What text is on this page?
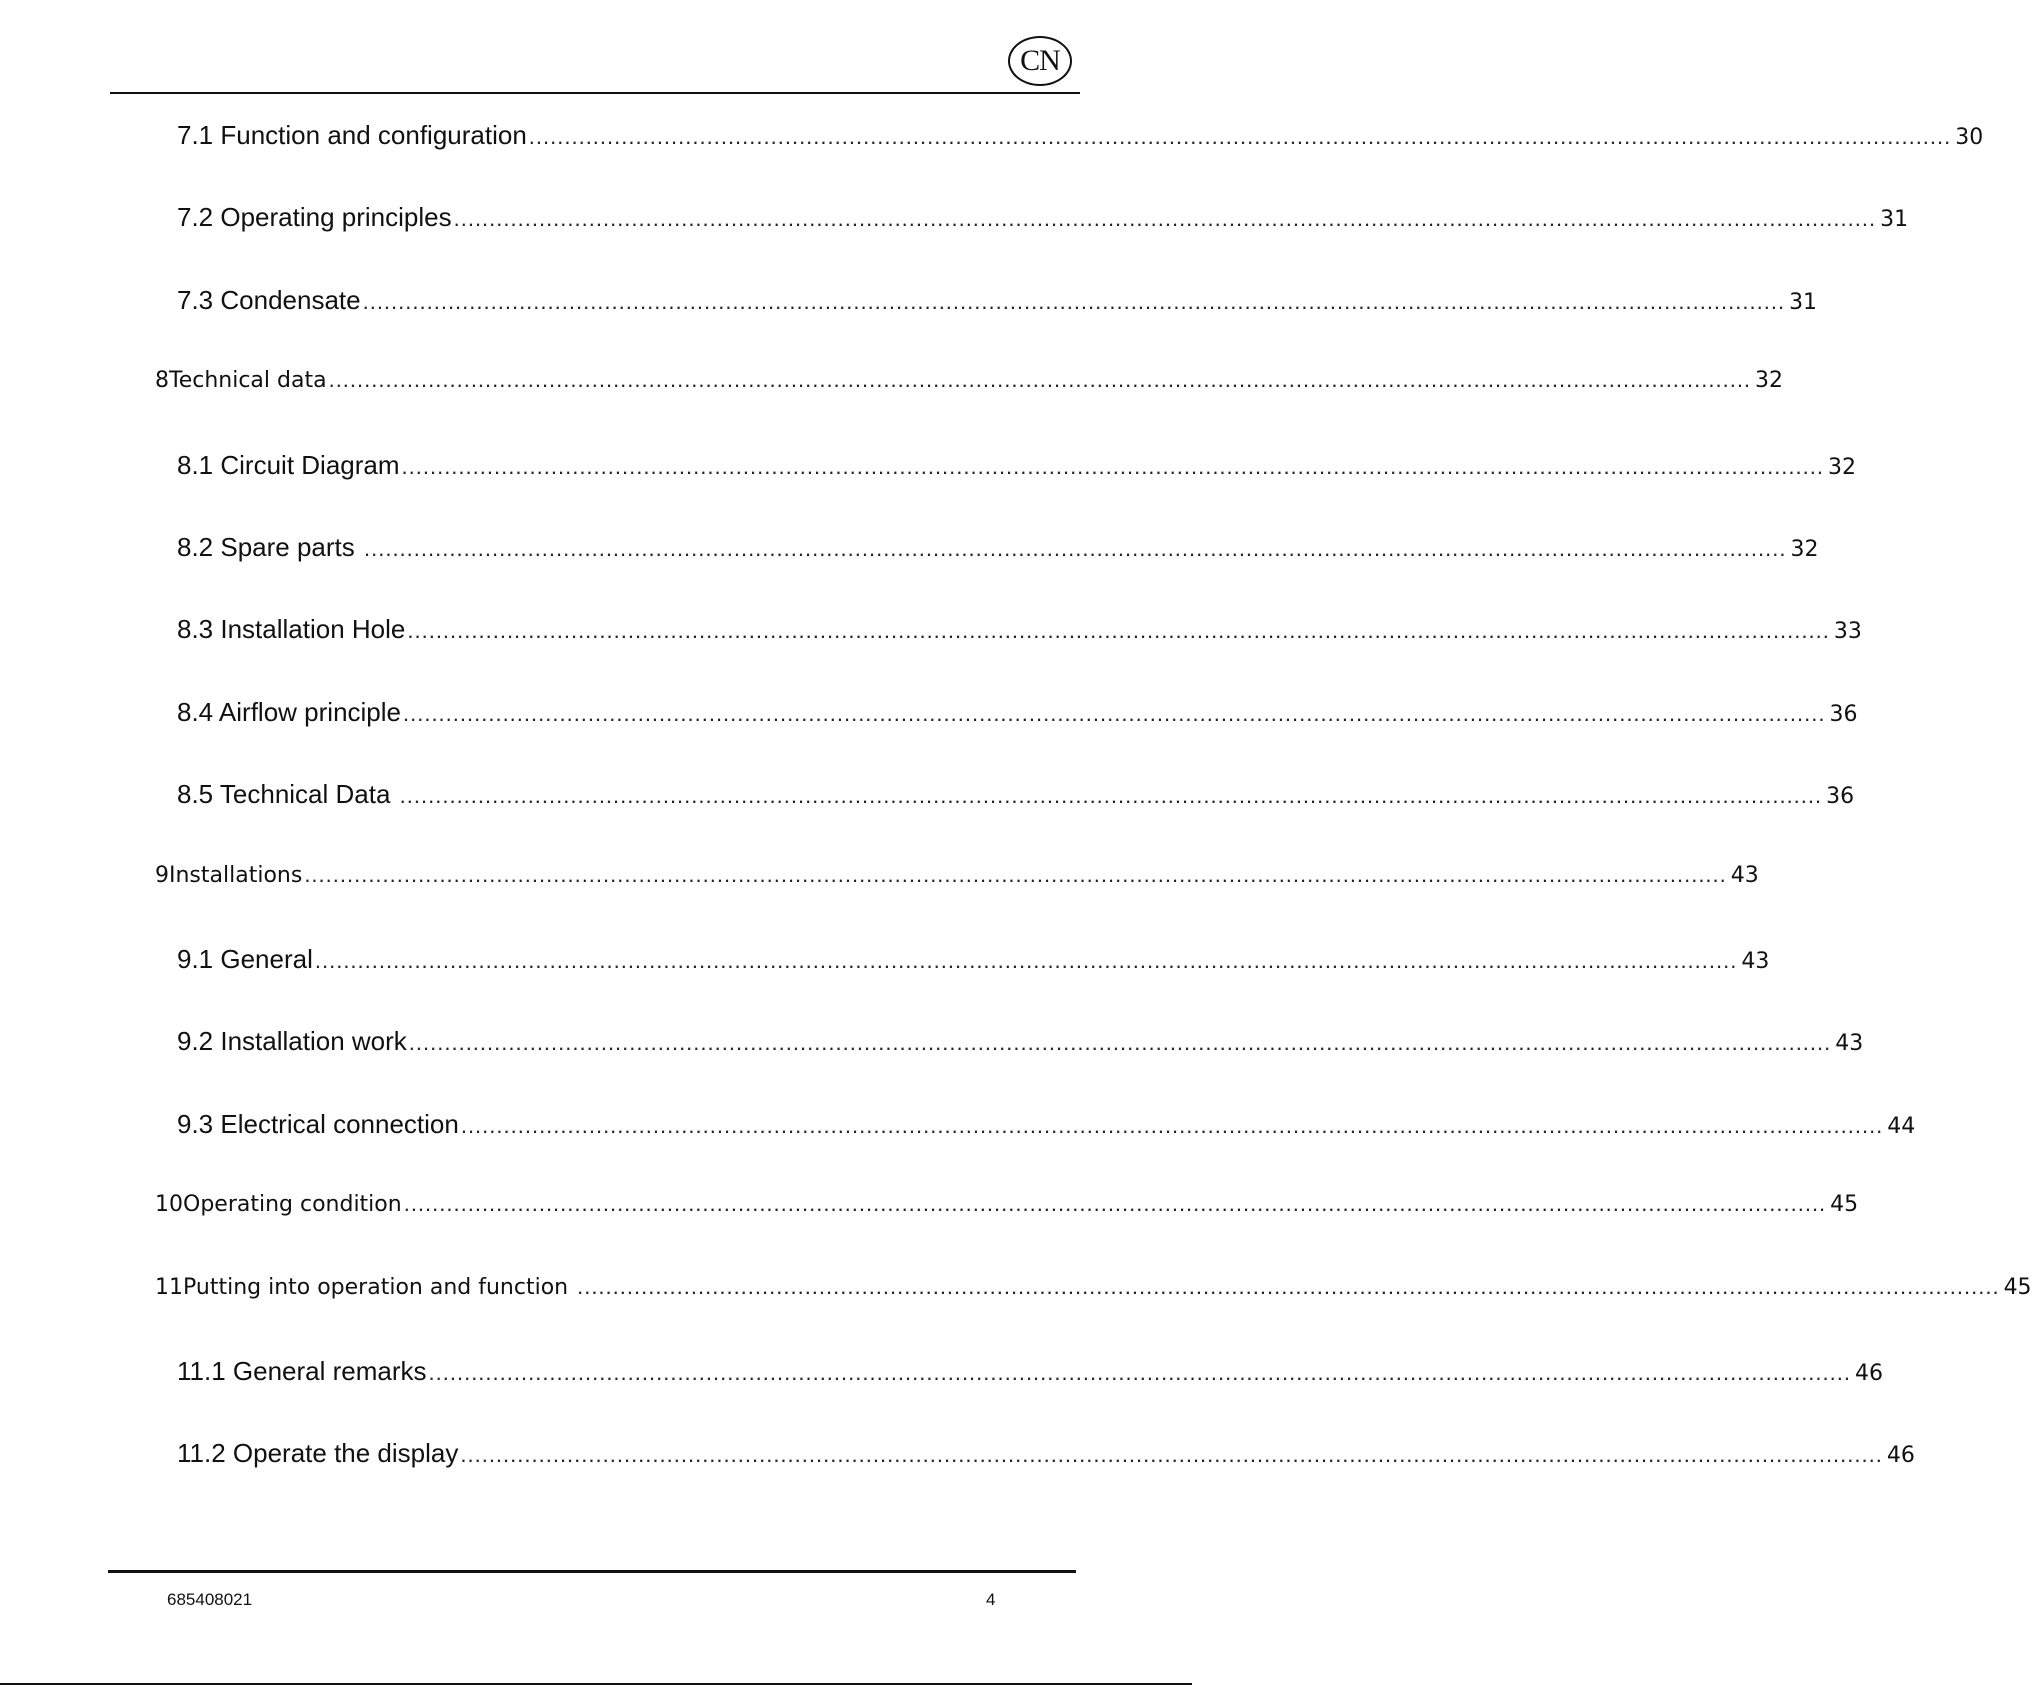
CN
7.1 Function and configuration ........................................................................................................................................................................................................ 30
7.2 Operating principles ........................................................................................................................................................................................................ 31
7.3 Condensate ........................................................................................................................................................................................................ 31
8 Technical data ........................................................................................................................................................................................................ 32
8.1 Circuit Diagram ........................................................................................................................................................................................................ 32
8.2 Spare parts ........................................................................................................................................................................................................ 32
8.3 Installation Hole ........................................................................................................................................................................................................ 33
8.4 Airflow principle ........................................................................................................................................................................................................ 36
8.5 Technical Data ........................................................................................................................................................................................................ 36
9 Installations ........................................................................................................................................................................................................ 43
9.1 General ........................................................................................................................................................................................................ 43
9.2 Installation work ........................................................................................................................................................................................................ 43
9.3 Electrical connection ........................................................................................................................................................................................................ 44
10 Operating condition ........................................................................................................................................................................................................ 45
11 Putting into operation and function ........................................................................................................................................................................................................ 45
11.1 General remarks ........................................................................................................................................................................................................ 46
11.2 Operate the display ........................................................................................................................................................................................................ 46
685408021	4
